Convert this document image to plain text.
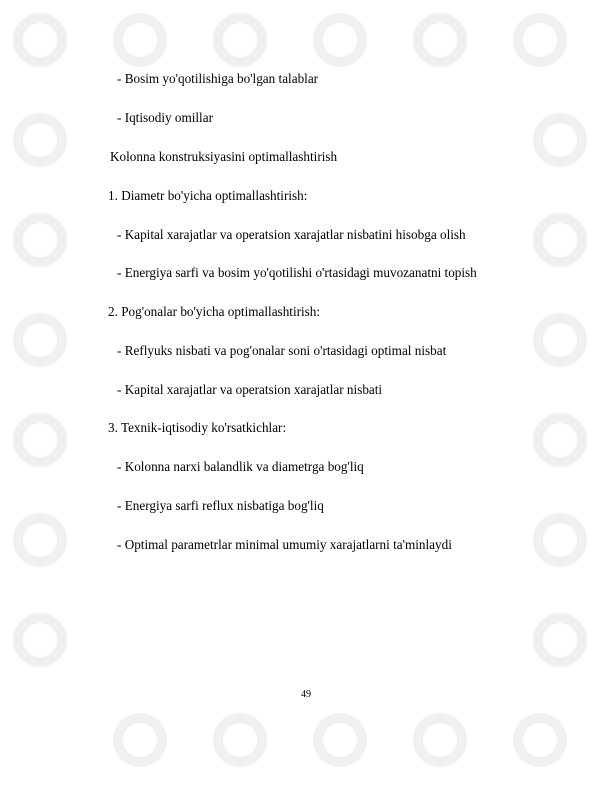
- Bosim yo'qotilishiga bo'lgan talablar
- Iqtisodiy omillar
Kolonna konstruksiyasini optimallashtirish
1. Diametr bo'yicha optimallashtirish:
- Kapital xarajatlar va operatsion xarajatlar nisbatini hisobga olish
- Energiya sarfi va bosim yo'qotilishi o'rtasidagi muvozanatni topish
2. Pog'onalar bo'yicha optimallashtirish:
- Reflyuks nisbati va pog'onalar soni o'rtasidagi optimal nisbat
- Kapital xarajatlar va operatsion xarajatlar nisbati
3. Texnik-iqtisodiy ko'rsatkichlar:
- Kolonna narxi balandlik va diametrga bog'liq
- Energiya sarfi reflux nisbatiga bog'liq
- Optimal parametrlar minimal umumiy xarajatlarni ta'minlaydi
49
